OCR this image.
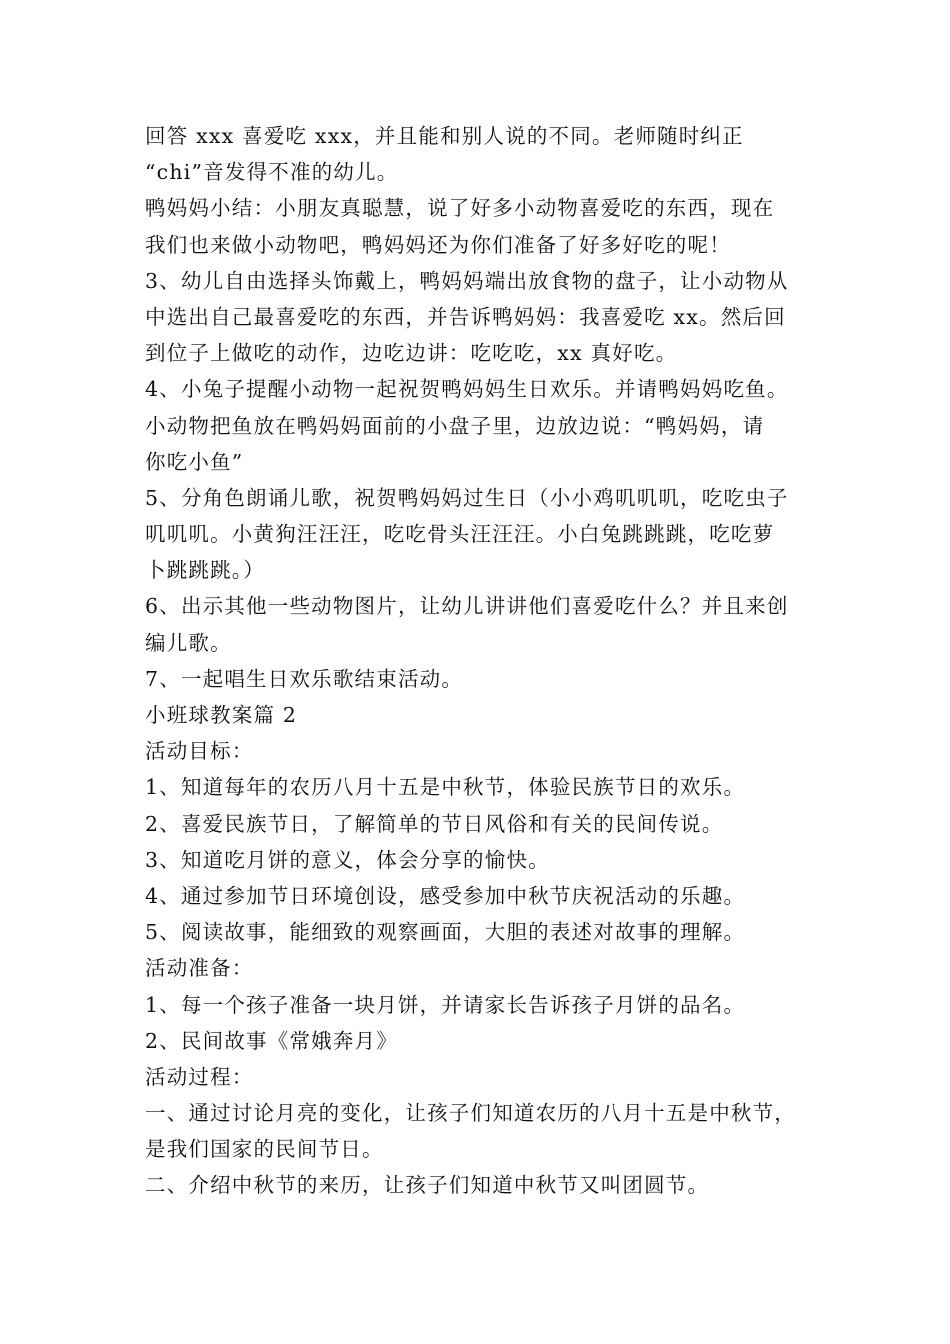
回答 xxx 喜爱吃 xxx，并且能和别人说的不同。老师随时纠正
“chi”音发得不准的幼儿。
鸭妈妈小结：小朋友真聪慧，说了好多小动物喜爱吃的东西，现在
我们也来做小动物吧，鸭妈妈还为你们准备了好多好吃的呢！
3、幼儿自由选择头饰戴上，鸭妈妈端出放食物的盘子，让小动物从
中选出自己最喜爱吃的东西，并告诉鸭妈妈：我喜爱吃 xx。然后回
到位子上做吃的动作，边吃边讲：吃吃吃，xx 真好吃。
4、小兔子提醒小动物一起祝贺鸭妈妈生日欢乐。并请鸭妈妈吃鱼。
小动物把鱼放在鸭妈妈面前的小盘子里，边放边说：“鸭妈妈，请
你吃小鱼”
5、分角色朗诵儿歌，祝贺鸭妈妈过生日（小小鸡叽叽叽，吃吃虫子
叽叽叽。小黄狗汪汪汪，吃吃骨头汪汪汪。小白兔跳跳跳，吃吃萝
卜跳跳跳。）
6、出示其他一些动物图片，让幼儿讲讲他们喜爱吃什么？并且来创
编儿歌。
7、一起唱生日欢乐歌结束活动。
小班球教案篇 2
活动目标：
1、知道每年的农历八月十五是中秋节，体验民族节日的欢乐。
2、喜爱民族节日，了解简单的节日风俗和有关的民间传说。
3、知道吃月饼的意义，体会分享的愉快。
4、通过参加节日环境创设，感受参加中秋节庆祝活动的乐趣。
5、阅读故事，能细致的观察画面，大胆的表述对故事的理解。
活动准备：
1、每一个孩子准备一块月饼，并请家长告诉孩子月饼的品名。
2、民间故事《常娥奔月》
活动过程：
一、通过讨论月亮的变化，让孩子们知道农历的八月十五是中秋节，
是我们国家的民间节日。
二、介绍中秋节的来历，让孩子们知道中秋节又叫团圆节。
